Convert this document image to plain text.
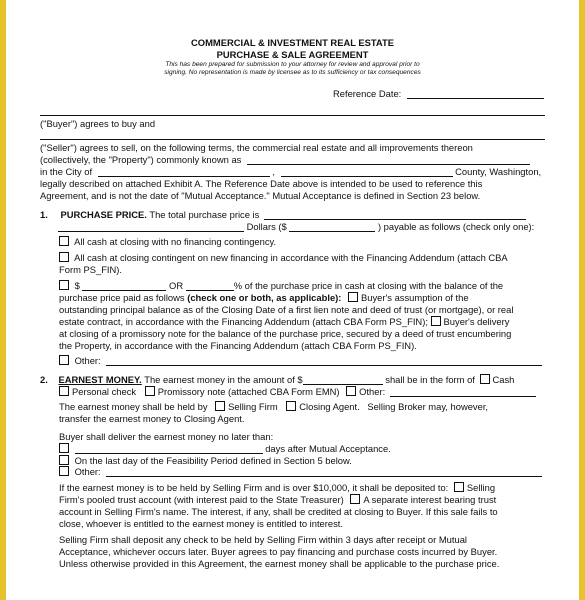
COMMERCIAL & INVESTMENT REAL ESTATE
PURCHASE & SALE AGREEMENT
This has been prepared for submission to your attorney for review and approval prior to
signing. No representation is made by licensee as to its sufficiency or tax consequences
Reference Date:
("Buyer") agrees to buy and
("Seller") agrees to sell, on the following terms, the commercial real estate and all improvements thereon
(collectively, the "Property") commonly known as
in the City of	,	County, Washington,
legally described on attached Exhibit A. The Reference Date above is intended to be used to reference this
Agreement, and is not the date of "Mutual Acceptance." Mutual Acceptance is defined in Section 23 below.
1. PURCHASE PRICE. The total purchase price is
Dollars ($	) payable as follows (check only one):
All cash at closing with no financing contingency.
All cash at closing contingent on new financing in accordance with the Financing Addendum (attach CBA
Form PS_FIN).
$	OR	% of the purchase price in cash at closing with the balance of the
purchase price paid as follows (check one or both, as applicable): Buyer's assumption of the
outstanding principal balance as of the Closing Date of a first lien note and deed of trust (or mortgage), or real
estate contract, in accordance with the Financing Addendum (attach CBA Form PS_FIN); Buyer's delivery
at closing of a promissory note for the balance of the purchase price, secured by a deed of trust encumbering
the Property, in accordance with the Financing Addendum (attach CBA Form PS_FIN).
Other:
2. EARNEST MONEY. The earnest money in the amount of $	shall be in the form of Cash
Personal check Promissory note (attached CBA Form EMN) Other:
The earnest money shall be held by Selling Firm Closing Agent. Selling Broker may, however,
transfer the earnest money to Closing Agent.
Buyer shall deliver the earnest money no later than:
days after Mutual Acceptance.
On the last day of the Feasibility Period defined in Section 5 below.
Other:
If the earnest money is to be held by Selling Firm and is over $10,000, it shall be deposited to: Selling
Firm's pooled trust account (with interest paid to the State Treasurer) A separate interest bearing trust
account in Selling Firm's name. The interest, if any, shall be credited at closing to Buyer. If this sale fails to
close, whoever is entitled to the earnest money is entitled to interest.
Selling Firm shall deposit any check to be held by Selling Firm within 3 days after receipt or Mutual
Acceptance, whichever occurs later. Buyer agrees to pay financing and purchase costs incurred by Buyer.
Unless otherwise provided in this Agreement, the earnest money shall be applicable to the purchase price.
